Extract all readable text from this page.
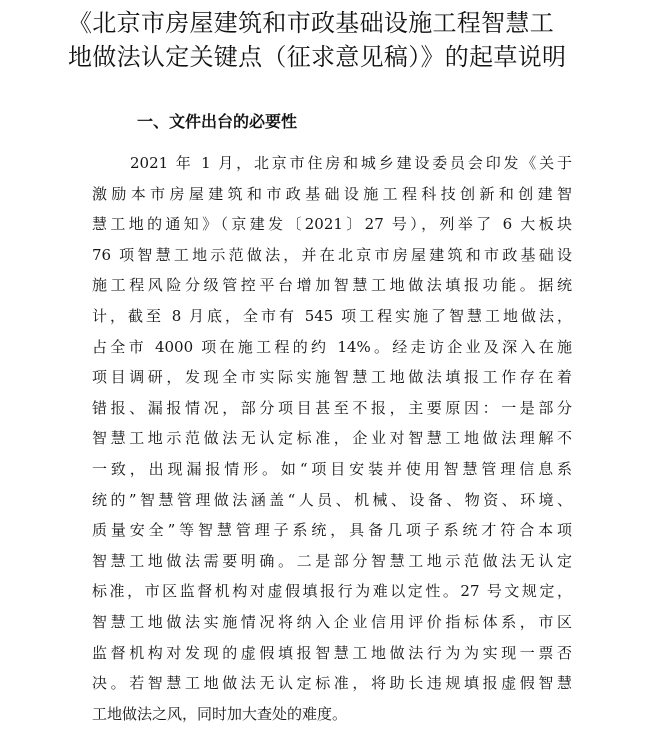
《北京市房屋建筑和市政基础设施工程智慧工
地做法认定关键点（征求意见稿）》的起草说明
一、文件出台的必要性
2021 年 1 月，北京市住房和城乡建设委员会印发《关于
激励本市房屋建筑和市政基础设施工程科技创新和创建智
慧工地的通知》（京建发〔2021〕27 号），列举了 6 大板块
76 项智慧工地示范做法，并在北京市房屋建筑和市政基础设
施工程风险分级管控平台增加智慧工地做法填报功能。据统
计，截至 8 月底，全市有 545 项工程实施了智慧工地做法，
占全市 4000 项在施工程的约 14%。经走访企业及深入在施
项目调研，发现全市实际实施智慧工地做法填报工作存在着
错报、漏报情况，部分项目甚至不报，主要原因：一是部分
智慧工地示范做法无认定标准，企业对智慧工地做法理解不
一致，出现漏报情形。如“项目安装并使用智慧管理信息系
统的”智慧管理做法涵盖“人员、机械、设备、物资、环境、
质量安全”等智慧管理子系统，具备几项子系统才符合本项
智慧工地做法需要明确。二是部分智慧工地示范做法无认定
标准，市区监督机构对虚假填报行为难以定性。27 号文规定，
智慧工地做法实施情况将纳入企业信用评价指标体系，市区
监督机构对发现的虚假填报智慧工地做法行为为实现一票否
决。若智慧工地做法无认定标准，将助长违规填报虚假智慧
工地做法之风，同时加大查处的难度。
